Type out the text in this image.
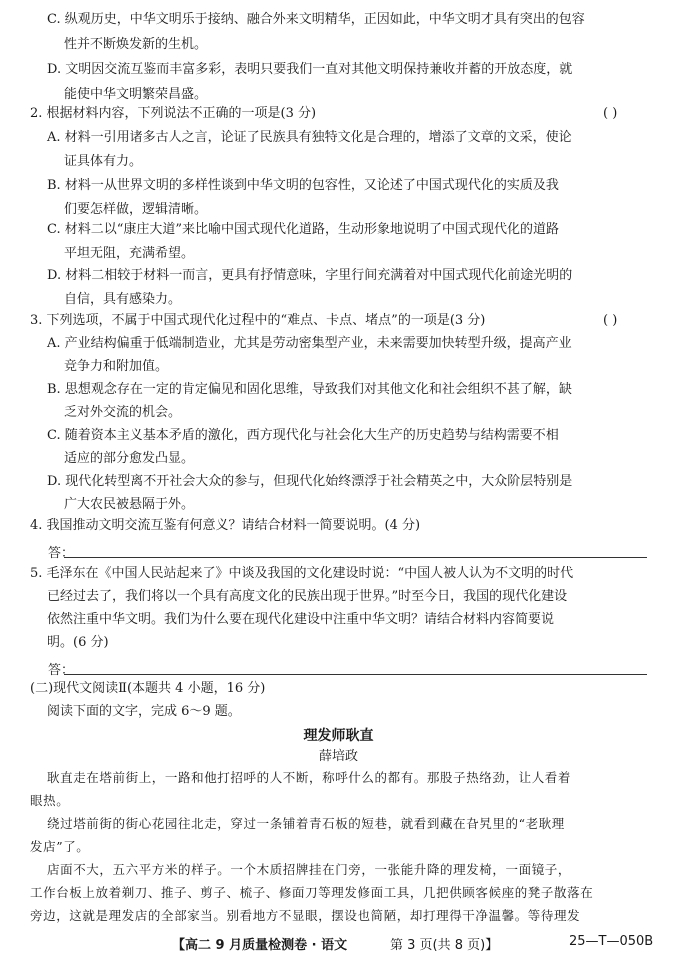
C. 纵观历史，中华文明乐于接纳、融合外来文明精华，正因如此，中华文明才具有突出的包容
性并不断焕发新的生机。
D. 文明因交流互鉴而丰富多彩，表明只要我们一直对其他文明保持兼收并蓄的开放态度，就
能使中华文明繁荣昌盛。
2. 根据材料内容，下列说法不正确的一项是(3 分)	( )
A. 材料一引用诸多古人之言，论证了民族具有独特文化是合理的，增添了文章的文采，使论
证具体有力。
B. 材料一从世界文明的多样性谈到中华文明的包容性，又论述了中国式现代化的实质及我
们要怎样做，逻辑清晰。
C. 材料二以“康庄大道”来比喻中国式现代化道路，生动形象地说明了中国式现代化的道路
平坦无阻，充满希望。
D. 材料二相较于材料一而言，更具有抒情意味，字里行间充满着对中国式现代化前途光明的
自信，具有感染力。
3. 下列选项，不属于中国式现代化过程中的“难点、卡点、堵点”的一项是(3 分)	( )
A. 产业结构偏重于低端制造业，尤其是劳动密集型产业，未来需要加快转型升级，提高产业
竞争力和附加值。
B. 思想观念存在一定的肯定偏见和固化思维，导致我们对其他文化和社会组织不甚了解，缺
乏对外交流的机会。
C. 随着资本主义基本矛盾的激化，西方现代化与社会化大生产的历史趋势与结构需要不相
适应的部分愈发凸显。
D. 现代化转型离不开社会大众的参与，但现代化始终漂浮于社会精英之中，大众阶层特别是
广大农民被悬隔于外。
4. 我国推动文明交流互鉴有何意义？请结合材料一简要说明。(4 分)
答：
5. 毛泽东在《中国人民站起来了》中谈及我国的文化建设时说：“中国人被人认为不文明的时代
已经过去了，我们将以一个具有高度文化的民族出现于世界。”时至今日，我国的现代化建设
依然注重中华文明。我们为什么要在现代化建设中注重中华文明？请结合材料内容简要说
明。(6 分)
答：
(二)现代文阅读Ⅱ(本题共 4 小题，16 分)
阅读下面的文字，完成 6～9 题。
理发师耿直
薛培政
耿直走在塔前街上，一路和他打招呼的人不断，称呼什么的都有。那股子热络劲，让人看着
眼热。
绕过塔前街的街心花园往北走，穿过一条铺着青石板的短巷，就看到藏在旮旯里的“老耿理
发店”了。
店面不大，五六平方米的样子。一个木质招牌挂在门旁，一张能升降的理发椅，一面镜子，
工作台板上放着剃刀、推子、剪子、梳子、修面刀等理发修面工具，几把供顾客候座的凳子散落在
旁边，这就是理发店的全部家当。别看地方不显眼，摆设也简陋，却打理得干净温馨。等待理发
【高二 9 月质量检测卷 · 语文	第 3 页(共 8 页)】	25—T—050B
